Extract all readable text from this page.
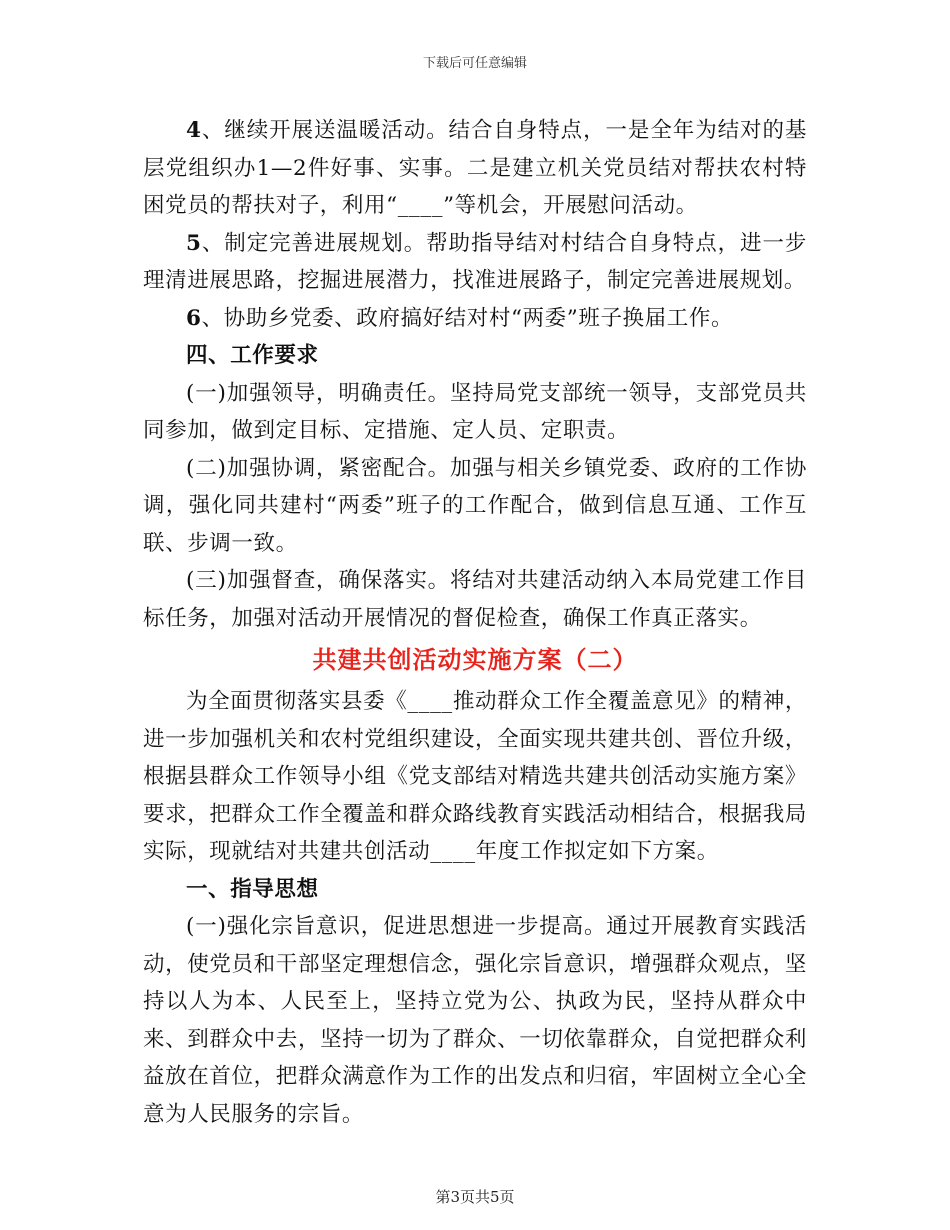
下载后可任意编辑

4、继续开展送温暖活动。结合自身特点，一是全年为结对的基层党组织办1—2件好事、实事。二是建立机关党员结对帮扶农村特困党员的帮扶对子，利用“____”等机会，开展慰问活动。

5、制定完善进展规划。帮助指导结对村结合自身特点，进一步理清进展思路，挖掘进展潜力，找准进展路子，制定完善进展规划。

6、协助乡党委、政府搞好结对村“两委”班子换届工作。

四、工作要求

(一)加强领导，明确责任。坚持局党支部统一领导，支部党员共同参加，做到定目标、定措施、定人员、定职责。

(二)加强协调，紧密配合。加强与相关乡镇党委、政府的工作协调，强化同共建村“两委”班子的工作配合，做到信息互通、工作互联、步调一致。

(三)加强督查，确保落实。将结对共建活动纳入本局党建工作目标任务，加强对活动开展情况的督促检查，确保工作真正落实。

共建共创活动实施方案（二）

为全面贯彻落实县委《____推动群众工作全覆盖意见》的精神，进一步加强机关和农村党组织建设，全面实现共建共创、晋位升级，根据县群众工作领导小组《党支部结对精选共建共创活动实施方案》要求，把群众工作全覆盖和群众路线教育实践活动相结合，根据我局实际，现就结对共建共创活动____年度工作拟定如下方案。

一、指导思想

(一)强化宗旨意识，促进思想进一步提高。通过开展教育实践活动，使党员和干部坚定理想信念，强化宗旨意识，增强群众观点，坚持以人为本、人民至上，坚持立党为公、执政为民，坚持从群众中来、到群众中去，坚持一切为了群众、一切依靠群众，自觉把群众利益放在首位，把群众满意作为工作的出发点和归宿，牢固树立全心全意为人民服务的宗旨。

第3页共5页
